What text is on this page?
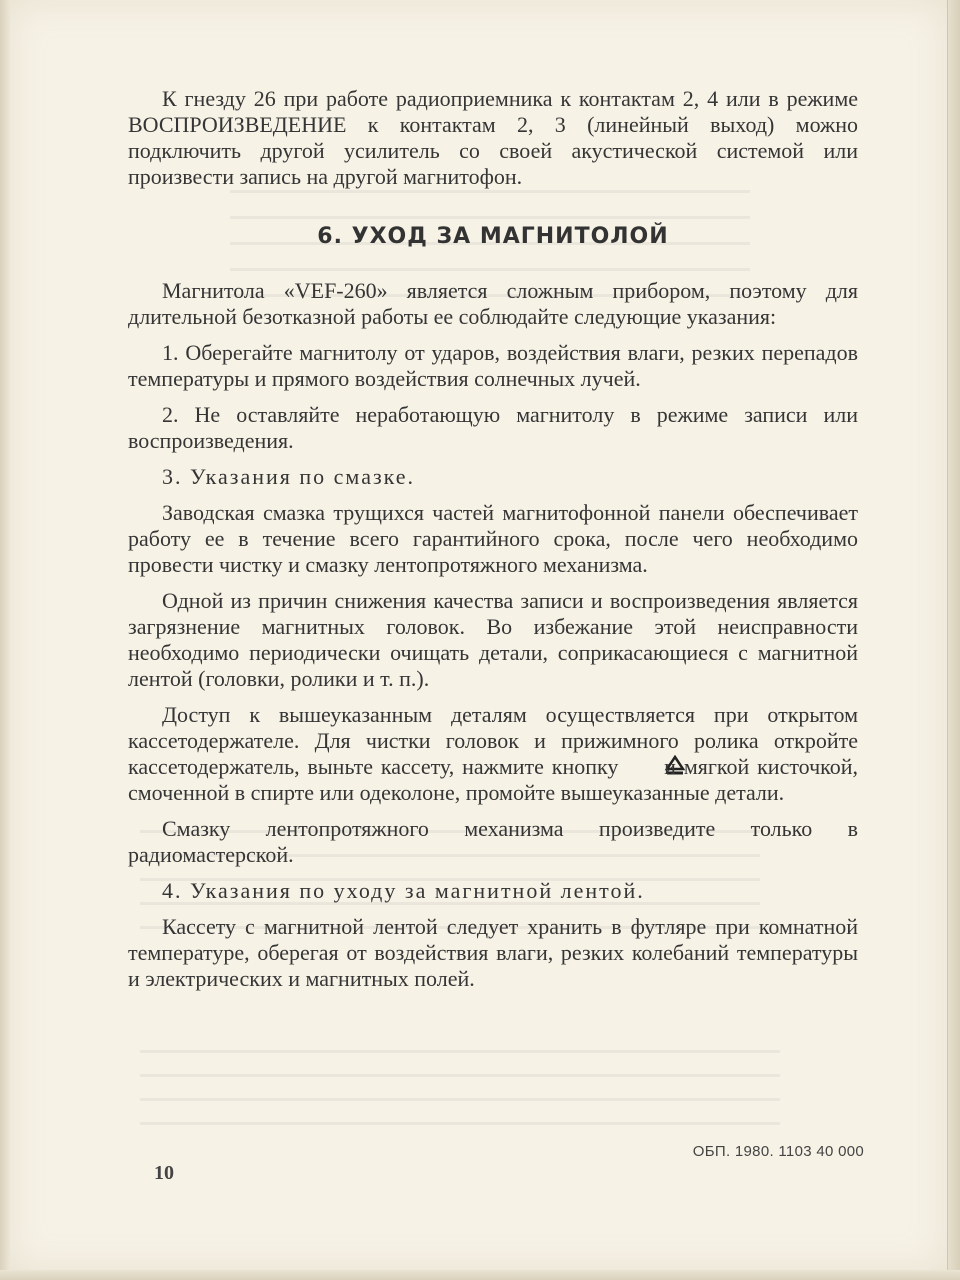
К гнезду 26 при работе радиоприемника к контактам 2, 4 или в режиме ВОСПРОИЗВЕДЕНИЕ к контактам 2, 3 (линейный выход) можно подключить другой усилитель со своей акустической системой или произвести запись на другой магнитофон.

6. УХОД ЗА МАГНИТОЛОЙ

Магнитола «VEF-260» является сложным прибором, поэтому для длительной безотказной работы ее соблюдайте следующие указания:

1. Оберегайте магнитолу от ударов, воздействия влаги, резких перепадов температуры и прямого воздействия солнечных лучей.

2. Не оставляйте неработающую магнитолу в режиме записи или воспроизведения.

3. Указания по смазке.

Заводская смазка трущихся частей магнитофонной панели обеспечивает работу ее в течение всего гарантийного срока, после чего необходимо провести чистку и смазку лентопротяжного механизма.

Одной из причин снижения качества записи и воспроизведения является загрязнение магнитных головок. Во избежание этой неисправности необходимо периодически очищать детали, соприкасающиеся с магнитной лентой (головки, ролики и т. п.).

Доступ к вышеуказанным деталям осуществляется при открытом кассетодержателе. Для чистки головок и прижимного ролика откройте кассетодержатель, выньте кассету, нажмите кнопку и мягкой кисточкой, смоченной в спирте или одеколоне, промойте вышеуказанные детали.

Смазку лентопротяжного механизма произведите только в радиомастерской.

4. Указания по уходу за магнитной лентой.

Кассету с магнитной лентой следует хранить в футляре при комнатной температуре, оберегая от воздействия влаги, резких колебаний температуры и электрических и магнитных полей.

10
ОБП. 1980. 1103 40 000
